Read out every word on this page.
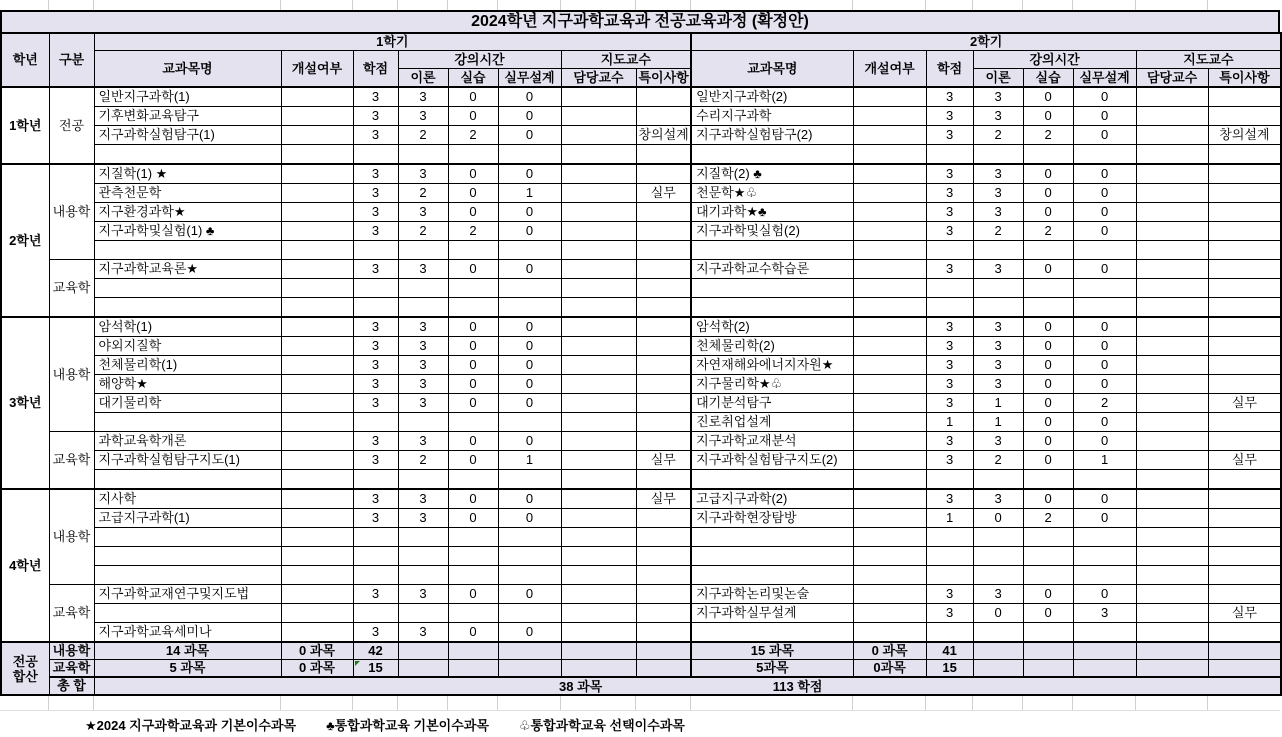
2024학년 지구과학교육과 전공교육과정 (확정안)
학년	구분	1학기								2학기							
		교과목명	개설여부	학점	강의시간			지도교수		교과목명	개설여부	학점	강의시간			지도교수	
					이론	실습	실무설계	담당교수	특이사항				이론	실습	실무설계	담당교수	특이사항
1학년	전공	일반지구과학(1)		3	3	0	0			일반지구과학(2)		3	3	0	0		
		기후변화교육탐구		3	3	0	0			수리지구과학		3	3	0	0		
		지구과학실험탐구(1)		3	2	2	0		창의설계	지구과학실험탐구(2)		3	2	2	0		창의설계

2학년	내용학	지질학(1) ★		3	3	0	0			지질학(2) ♣		3	3	0	0		
		관측천문학		3	2	0	1		실무	천문학★♧		3	3	0	0		
		지구환경과학★		3	3	0	0			대기과학★♣		3	3	0	0		
		지구과학및실험(1) ♣		3	2	2	0			지구과학및실험(2)		3	2	2	0		

	교육학	지구과학교육론★		3	3	0	0			지구과학교수학습론		3	3	0	0		

3학년	내용학	암석학(1)		3	3	0	0			암석학(2)		3	3	0	0		
		야외지질학		3	3	0	0			천체물리학(2)		3	3	0	0		
		천체물리학(1)		3	3	0	0			자연재해와에너지자원★		3	3	0	0		
		해양학★		3	3	0	0			지구물리학★♧		3	3	0	0		
		대기물리학		3	3	0	0			대기분석탐구		3	1	0	2		실무
										진로취업설계		1	1	0	0		
	교육학	과학교육학개론		3	3	0	0			지구과학교재분석		3	3	0	0		
		지구과학실험탐구지도(1)		3	2	0	1		실무	지구과학실험탐구지도(2)		3	2	0	1		실무

4학년	내용학	지사학		3	3	0	0		실무	고급지구과학(2)		3	3	0	0		
		고급지구과학(1)		3	3	0	0			지구과학현장탐방		1	0	2	0		

	교육학	지구과학교재연구및지도법		3	3	0	0			지구과학논리및논술		3	3	0	0		
										지구과학실무설계		3	0	0	3		실무
		지구과학교육세미나		3	3	0	0										

전공
합산	내용학	14 과목	0 과목	42						15 과목	0 과목	41					
	교육학	5 과목	0 과목	15						5과목	0과목	15					
	총 합	38 과목 113 학점															
★2024 지구과학교육과 기본이수과목 ♣통합과학교육 기본이수과목 ♧통합과학교육 선택이수과목
